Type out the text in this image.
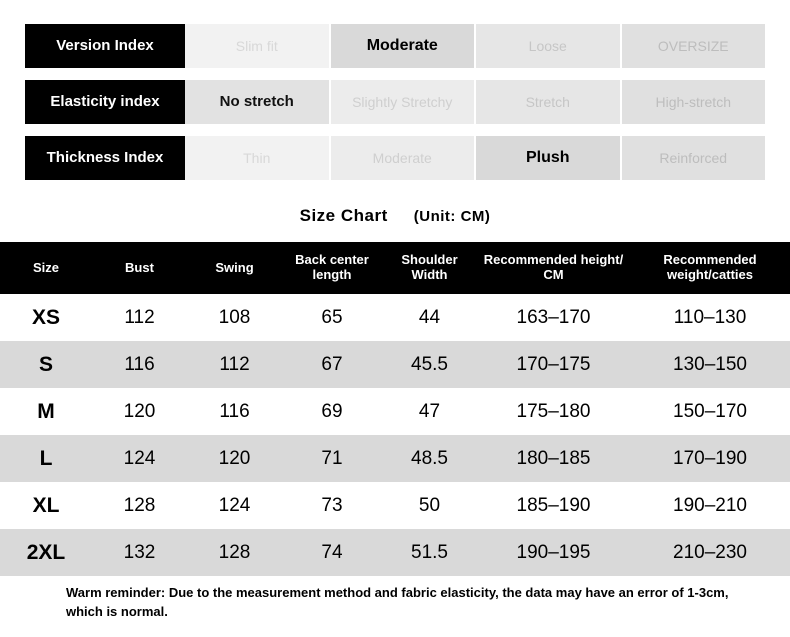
Version Index	Slim fit	Moderate	Loose	OVERSIZE
Elasticity index	No stretch	Slightly Stretchy	Stretch	High-stretch
Thickness Index	Thin	Moderate	Plush	Reinforced
Size Chart (Unit: CM)
Size	Bust	Swing	Back center length	Shoulder Width	Recommended height/ CM	Recommended weight/catties
XS	112	108	65	44	163–170	110–130
S	116	112	67	45.5	170–175	130–150
M	120	116	69	47	175–180	150–170
L	124	120	71	48.5	180–185	170–190
XL	128	124	73	50	185–190	190–210
2XL	132	128	74	51.5	190–195	210–230
Warm reminder: Due to the measurement method and fabric elasticity, the data may have an error of 1-3cm, which is normal.
